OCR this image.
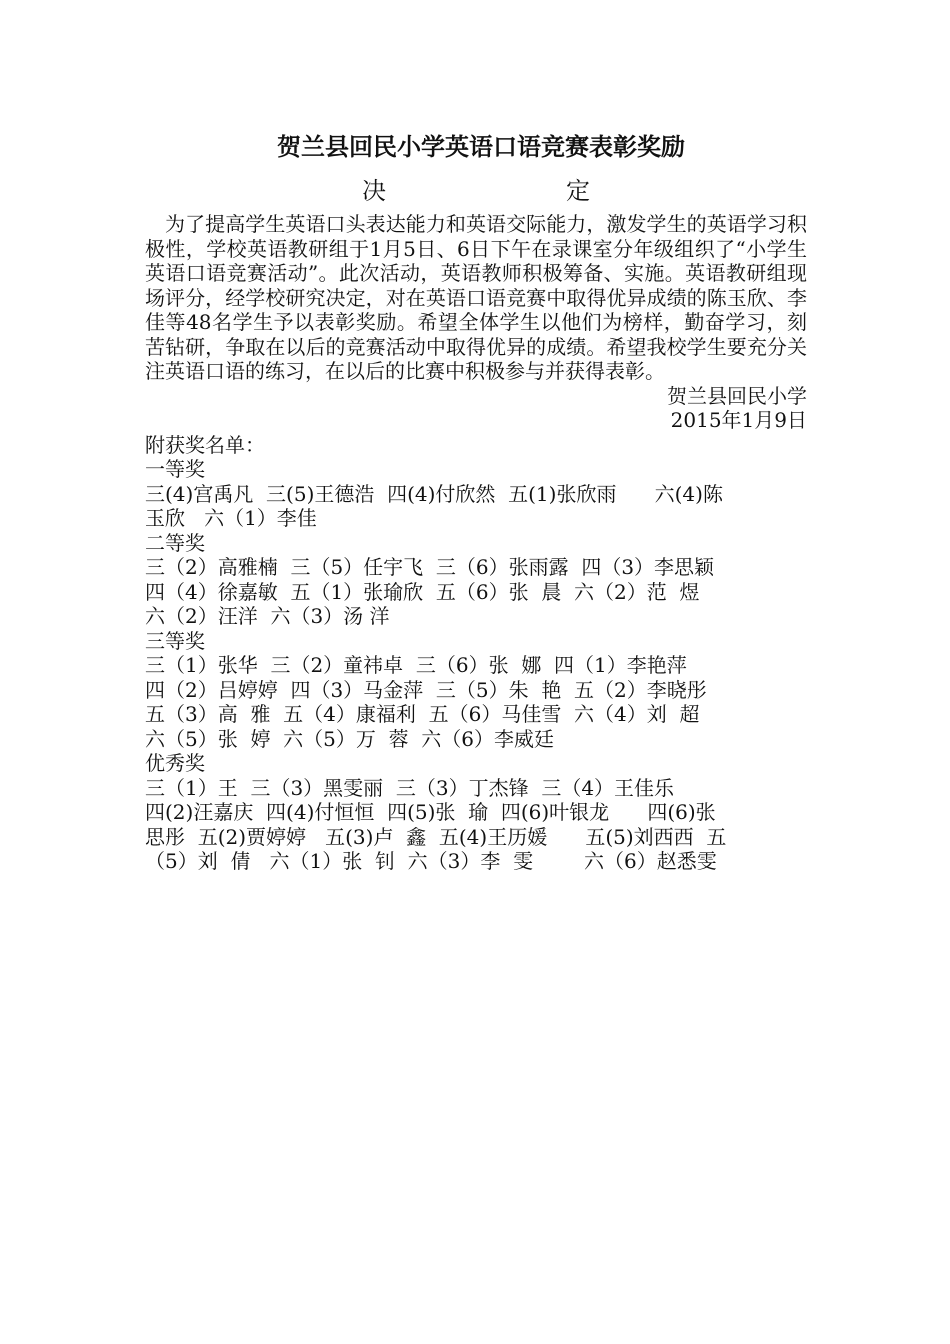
贺兰县回民小学英语口语竞赛表彰奖励
决	定

为了提高学生英语口头表达能力和英语交际能力，激发学生的英语学习积极性，学校英语教研组于1月5日、6日下午在录课室分年级组织了“小学生英语口语竞赛活动”。此次活动，英语教师积极筹备、实施。英语教研组现场评分，经学校研究决定，对在英语口语竞赛中取得优异成绩的陈玉欣、李佳等48名学生予以表彰奖励。希望全体学生以他们为榜样，勤奋学习，刻苦钻研，争取在以后的竞赛活动中取得优异的成绩。希望我校学生要充分关注英语口语的练习，在以后的比赛中积极参与并获得表彰。

贺兰县回民小学

2015年1月9日

附获奖名单：

一等奖

三(4)宫禹凡  三(5)王德浩  四(4)付欣然  五(1)张欣雨      六(4)陈

玉欣   六（1）李佳

二等奖

三（2）高雅楠  三（5）任宇飞  三（6）张雨露  四（3）李思颖

四（4）徐嘉敏  五（1）张瑜欣  五（6）张  晨  六（2）范  煜

六（2）汪洋  六（3）汤 洋

三等奖

三（1）张华  三（2）童祎卓  三（6）张  娜  四（1）李艳萍

四（2）吕婷婷  四（3）马金萍  三（5）朱  艳  五（2）李晓彤

五（3）高  雅  五（4）康福利  五（6）马佳雪  六（4）刘  超

六（5）张  婷  六（5）万  蓉  六（6）李威廷

优秀奖

三（1）王  三（3）黑雯丽  三（3）丁杰锋  三（4）王佳乐

四(2)汪嘉庆  四(4)付恒恒  四(5)张  瑜  四(6)叶银龙      四(6)张

思彤  五(2)贾婷婷   五(3)卢  鑫  五(4)王历媛      五(5)刘西西  五

（5）刘  倩   六（1）张  钊  六（3）李  雯        六（6）赵悉雯
